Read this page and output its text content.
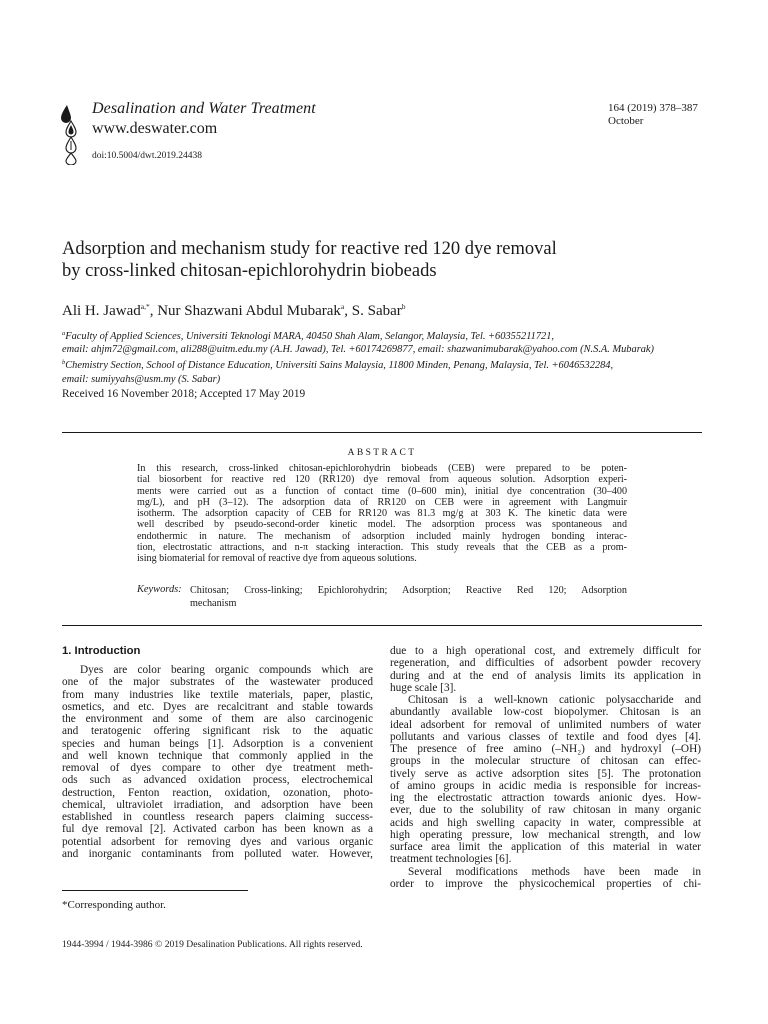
Desalination and Water Treatment
www.deswater.com
doi:10.5004/dwt.2019.24438
164 (2019) 378–387
October
Adsorption and mechanism study for reactive red 120 dye removal
by cross-linked chitosan-epichlorohydrin biobeads
Ali H. Jawad$^{a,*}$, Nur Shazwani Abdul Mubarak$^a$, S. Sabar$^b$
$^a$Faculty of Applied Sciences, Universiti Teknologi MARA, 40450 Shah Alam, Selangor, Malaysia, Tel. +60355211721,
email: ahjm72@gmail.com, ali288@uitm.edu.my (A.H. Jawad), Tel. +60174269877, email: shazwanimubarak@yahoo.com (N.S.A. Mubarak)
$^b$Chemistry Section, School of Distance Education, Universiti Sains Malaysia, 11800 Minden, Penang, Malaysia, Tel. +6046532284,
email: sumiyyahs@usm.my (S. Sabar)
Received 16 November 2018; Accepted 17 May 2019
ABSTRACT
In this research, cross-linked chitosan-epichlorohydrin biobeads (CEB) were prepared to be poten-
tial biosorbent for reactive red 120 (RR120) dye removal from aqueous solution. Adsorption experi-
ments were carried out as a function of contact time (0–600 min), initial dye concentration (30–400
mg/L), and pH (3–12). The adsorption data of RR120 on CEB were in agreement with Langmuir
isotherm. The adsorption capacity of CEB for RR120 was 81.3 mg/g at 303 K. The kinetic data were
well described by pseudo-second-order kinetic model. The adsorption process was spontaneous and
endothermic in nature. The mechanism of adsorption included mainly hydrogen bonding interac-
tion, electrostatic attractions, and n-π stacking interaction. This study reveals that the CEB as a prom-
ising biomaterial for removal of reactive dye from aqueous solutions.
Keywords: Chitosan; Cross-linking; Epichlorohydrin; Adsorption; Reactive Red 120; Adsorption
mechanism
1. Introduction
Dyes are color bearing organic compounds which are
one of the major substrates of the wastewater produced
from many industries like textile materials, paper, plastic,
osmetics, and etc. Dyes are recalcitrant and stable towards
the environment and some of them are also carcinogenic
and teratogenic offering significant risk to the aquatic
species and human beings [1]. Adsorption is a convenient
and well known technique that commonly applied in the
removal of dyes compare to other dye treatment meth-
ods such as advanced oxidation process, electrochemical
destruction, Fenton reaction, oxidation, ozonation, photo-
chemical, ultraviolet irradiation, and adsorption have been
established in countless research papers claiming success-
ful dye removal [2]. Activated carbon has been known as a
potential adsorbent for removing dyes and various organic
and inorganic contaminants from polluted water. However,
due to a high operational cost, and extremely difficult for
regeneration, and difficulties of adsorbent powder recovery
during and at the end of analysis limits its application in
huge scale [3].
Chitosan is a well-known cationic polysaccharide and
abundantly available low-cost biopolymer. Chitosan is an
ideal adsorbent for removal of unlimited numbers of water
pollutants and various classes of textile and food dyes [4].
The presence of free amino (–NH₂) and hydroxyl (–OH)
groups in the molecular structure of chitosan can effec-
tively serve as active adsorption sites [5]. The protonation
of amino groups in acidic media is responsible for increas-
ing the electrostatic attraction towards anionic dyes. How-
ever, due to the solubility of raw chitosan in many organic
acids and high swelling capacity in water, compressible at
high operating pressure, low mechanical strength, and low
surface area limit the application of this material in water
treatment technologies [6].
Several modifications methods have been made in
order to improve the physicochemical properties of chi-
*Corresponding author.
1944-3994 / 1944-3986 © 2019 Desalination Publications. All rights reserved.
